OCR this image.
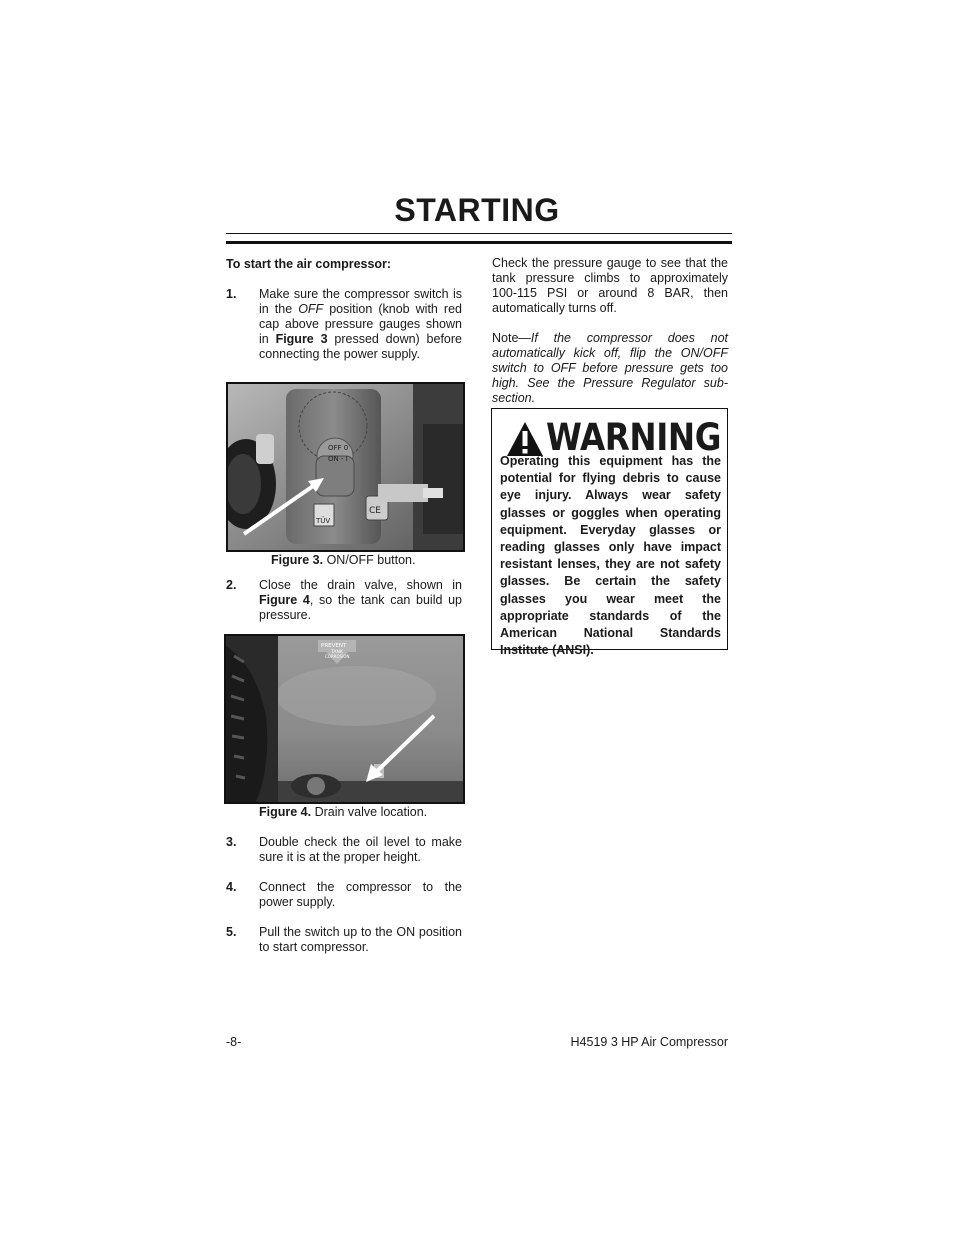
STARTING
To start the air compressor:
1. Make sure the compressor switch is in the OFF position (knob with red cap above pressure gauges shown in Figure 3 pressed down) before connecting the power supply.
OFF 0
ON - I
TÜV
CE
Figure 3. ON/OFF button.
2. Close the drain valve, shown in Figure 4, so the tank can build up pressure.
PREVENT
TANK
CORROSION
Figure 4. Drain valve location.
3. Double check the oil level to make sure it is at the proper height.
4. Connect the compressor to the power supply.
5. Pull the switch up to the ON position to start compressor.
Check the pressure gauge to see that the tank pressure climbs to approximately 100-115 PSI or around 8 BAR, then automatically turns off.
Note—If the compressor does not automatically kick off, flip the ON/OFF switch to OFF before pressure gets too high. See the Pressure Regulator sub-section.
WARNING
Operating this equipment has the potential for flying debris to cause eye injury. Always wear safety glasses or goggles when operating equipment. Everyday glasses or reading glasses only have impact resistant lenses, they are not safety glasses. Be certain the safety glasses you wear meet the appropriate standards of the American National Standards Institute (ANSI).
-8-	H4519 3 HP Air Compressor
